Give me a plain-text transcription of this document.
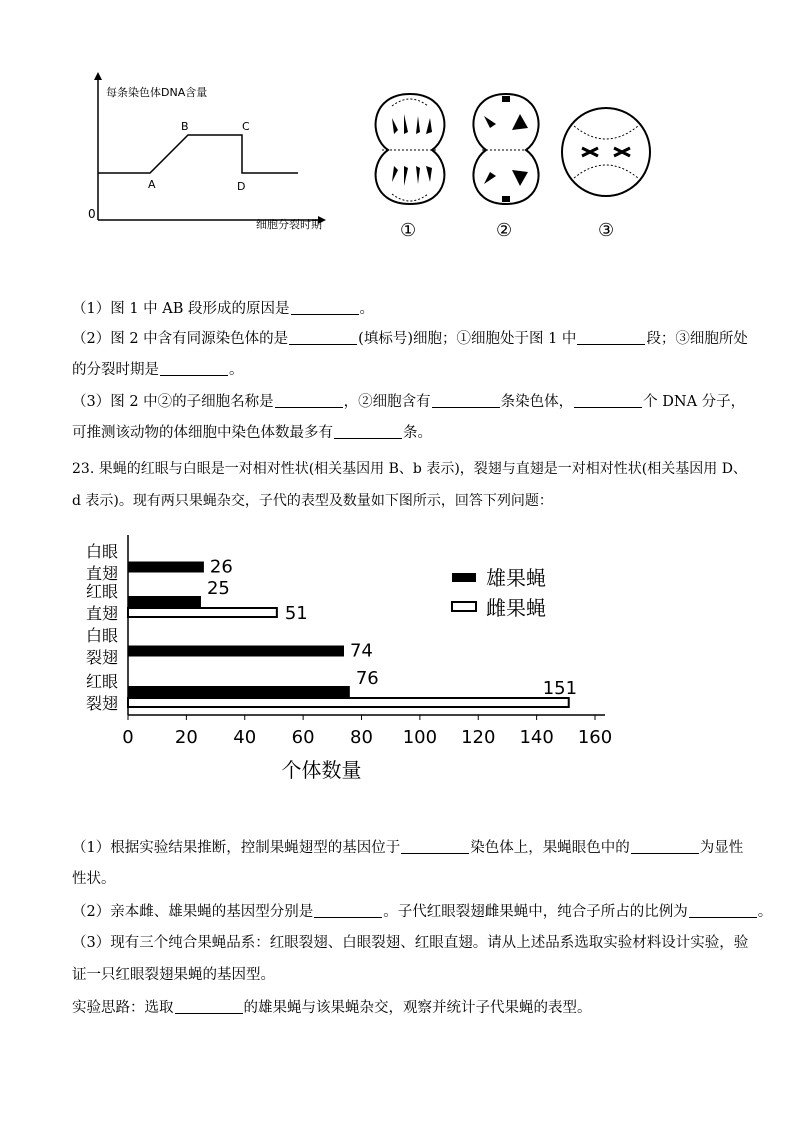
每条染色体DNA含量
0
细胞分裂时期
A
B	C
D
①	②	③
（1）图 1 中 AB 段形成的原因是	。
（2）图 2 中含有同源染色体的是	(填标号)细胞；①细胞处于图 1 中	段；③细胞所处
的分裂时期是	。
（3）图 2 中②的子细胞名称是	，②细胞含有	条染色体，	个 DNA 分子，
可推测该动物的体细胞中染色体数最多有	条。
23. 果蝇的红眼与白眼是一对相对性状(相关基因用 B、b 表示)，裂翅与直翅是一对相对性状(相关基因用 D、
d 表示)。现有两只果蝇杂交，子代的表型及数量如下图所示，回答下列问题：
0 20 40 60 80 100 120 140 160
个体数量
白眼
直翅	26
红眼
直翅
25
51
白眼
裂翅	74
红眼
裂翅
76	151
雄果蝇
雌果蝇
（1）根据实验结果推断，控制果蝇翅型的基因位于	染色体上，果蝇眼色中的	为显性
性状。
（2）亲本雌、雄果蝇的基因型分别是	。子代红眼裂翅雌果蝇中，纯合子所占的比例为	。
（3）现有三个纯合果蝇品系：红眼裂翅、白眼裂翅、红眼直翅。请从上述品系选取实验材料设计实验，验
证一只红眼裂翅果蝇的基因型。
实验思路：选取	的雄果蝇与该果蝇杂交，观察并统计子代果蝇的表型。
